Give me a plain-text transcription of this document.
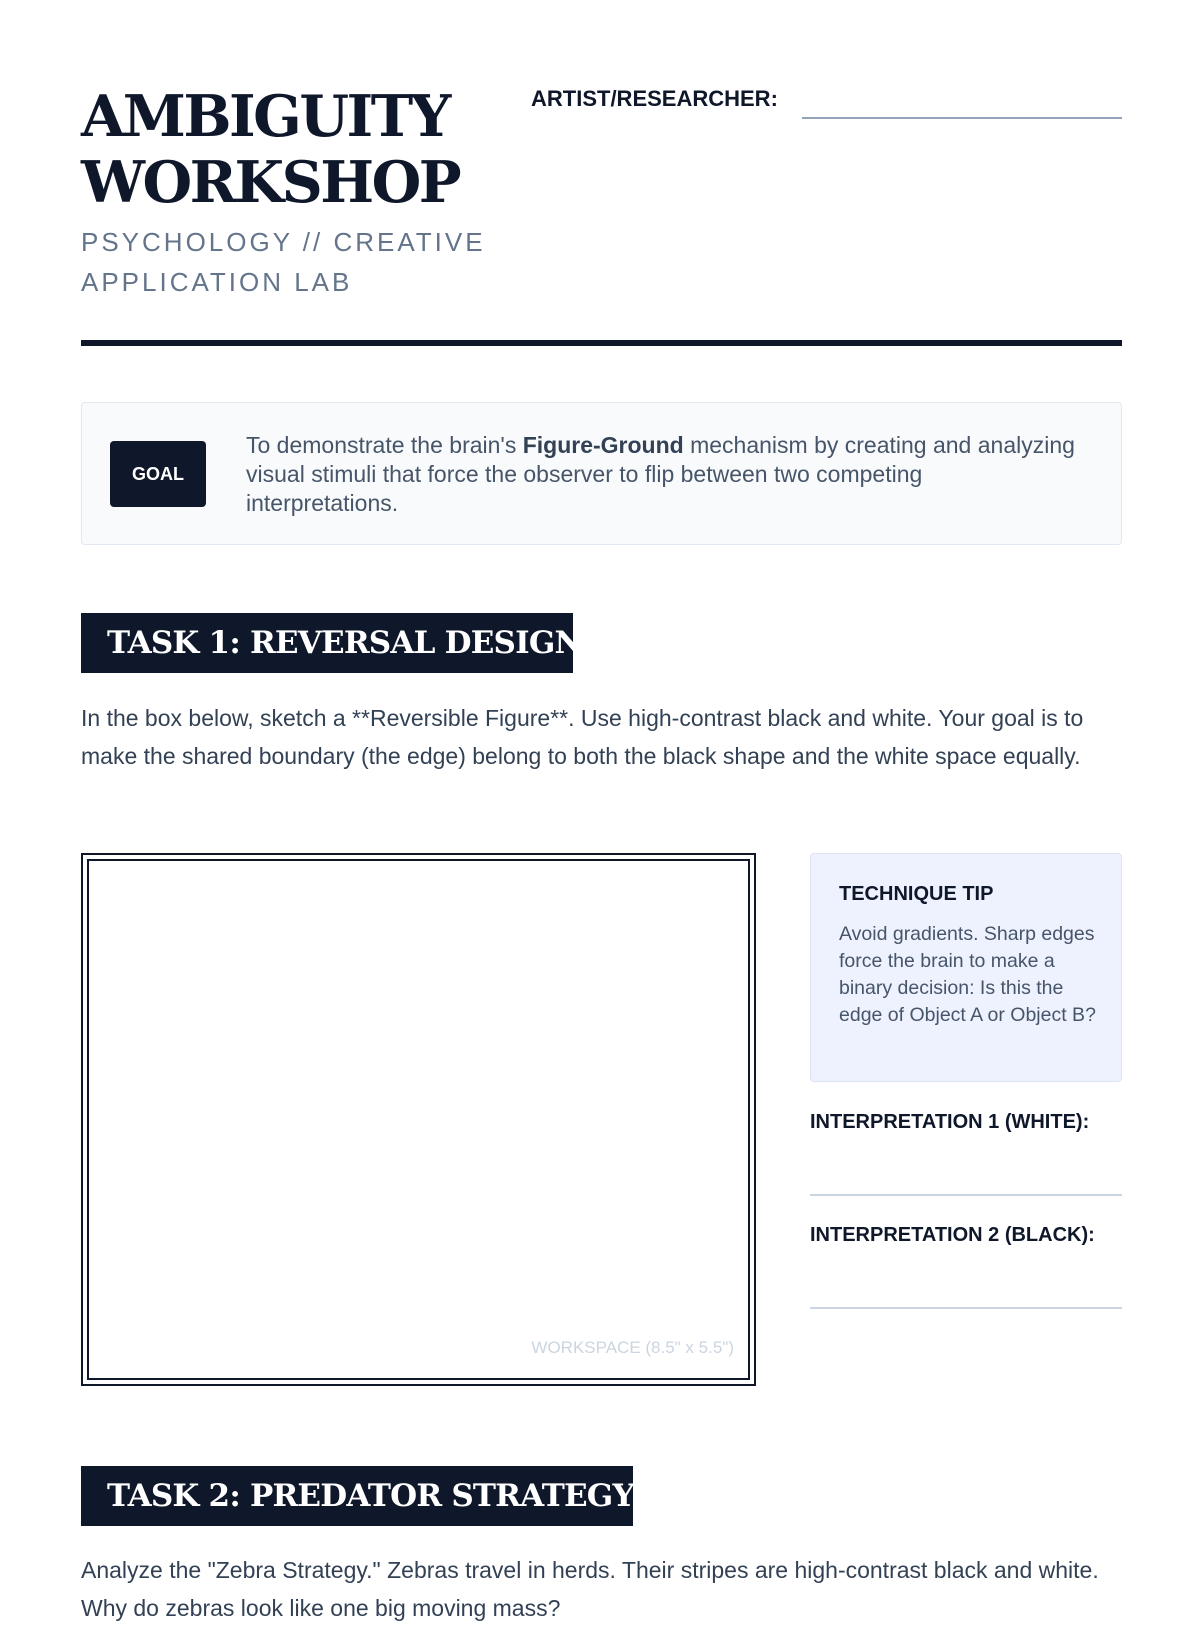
AMBIGUITY
WORKSHOP
PSYCHOLOGY // CREATIVE APPLICATION LAB
ARTIST/RESEARCHER:
GOAL
To demonstrate the brain's Figure-Ground mechanism by creating and analyzing visual stimuli that force the observer to flip between two competing interpretations.
TASK 1: REVERSAL DESIGN
In the box below, sketch a **Reversible Figure**. Use high-contrast black and white. Your goal is to make the shared boundary (the edge) belong to both the black shape and the white space equally.
WORKSPACE (8.5" x 5.5")
TECHNIQUE TIP
Avoid gradients. Sharp edges force the brain to make a binary decision: Is this the edge of Object A or Object B?
INTERPRETATION 1 (WHITE):
INTERPRETATION 2 (BLACK):
TASK 2: PREDATOR STRATEGY
Analyze the "Zebra Strategy." Zebras travel in herds. Their stripes are high-contrast black and white. Why do zebras look like one big moving mass?
